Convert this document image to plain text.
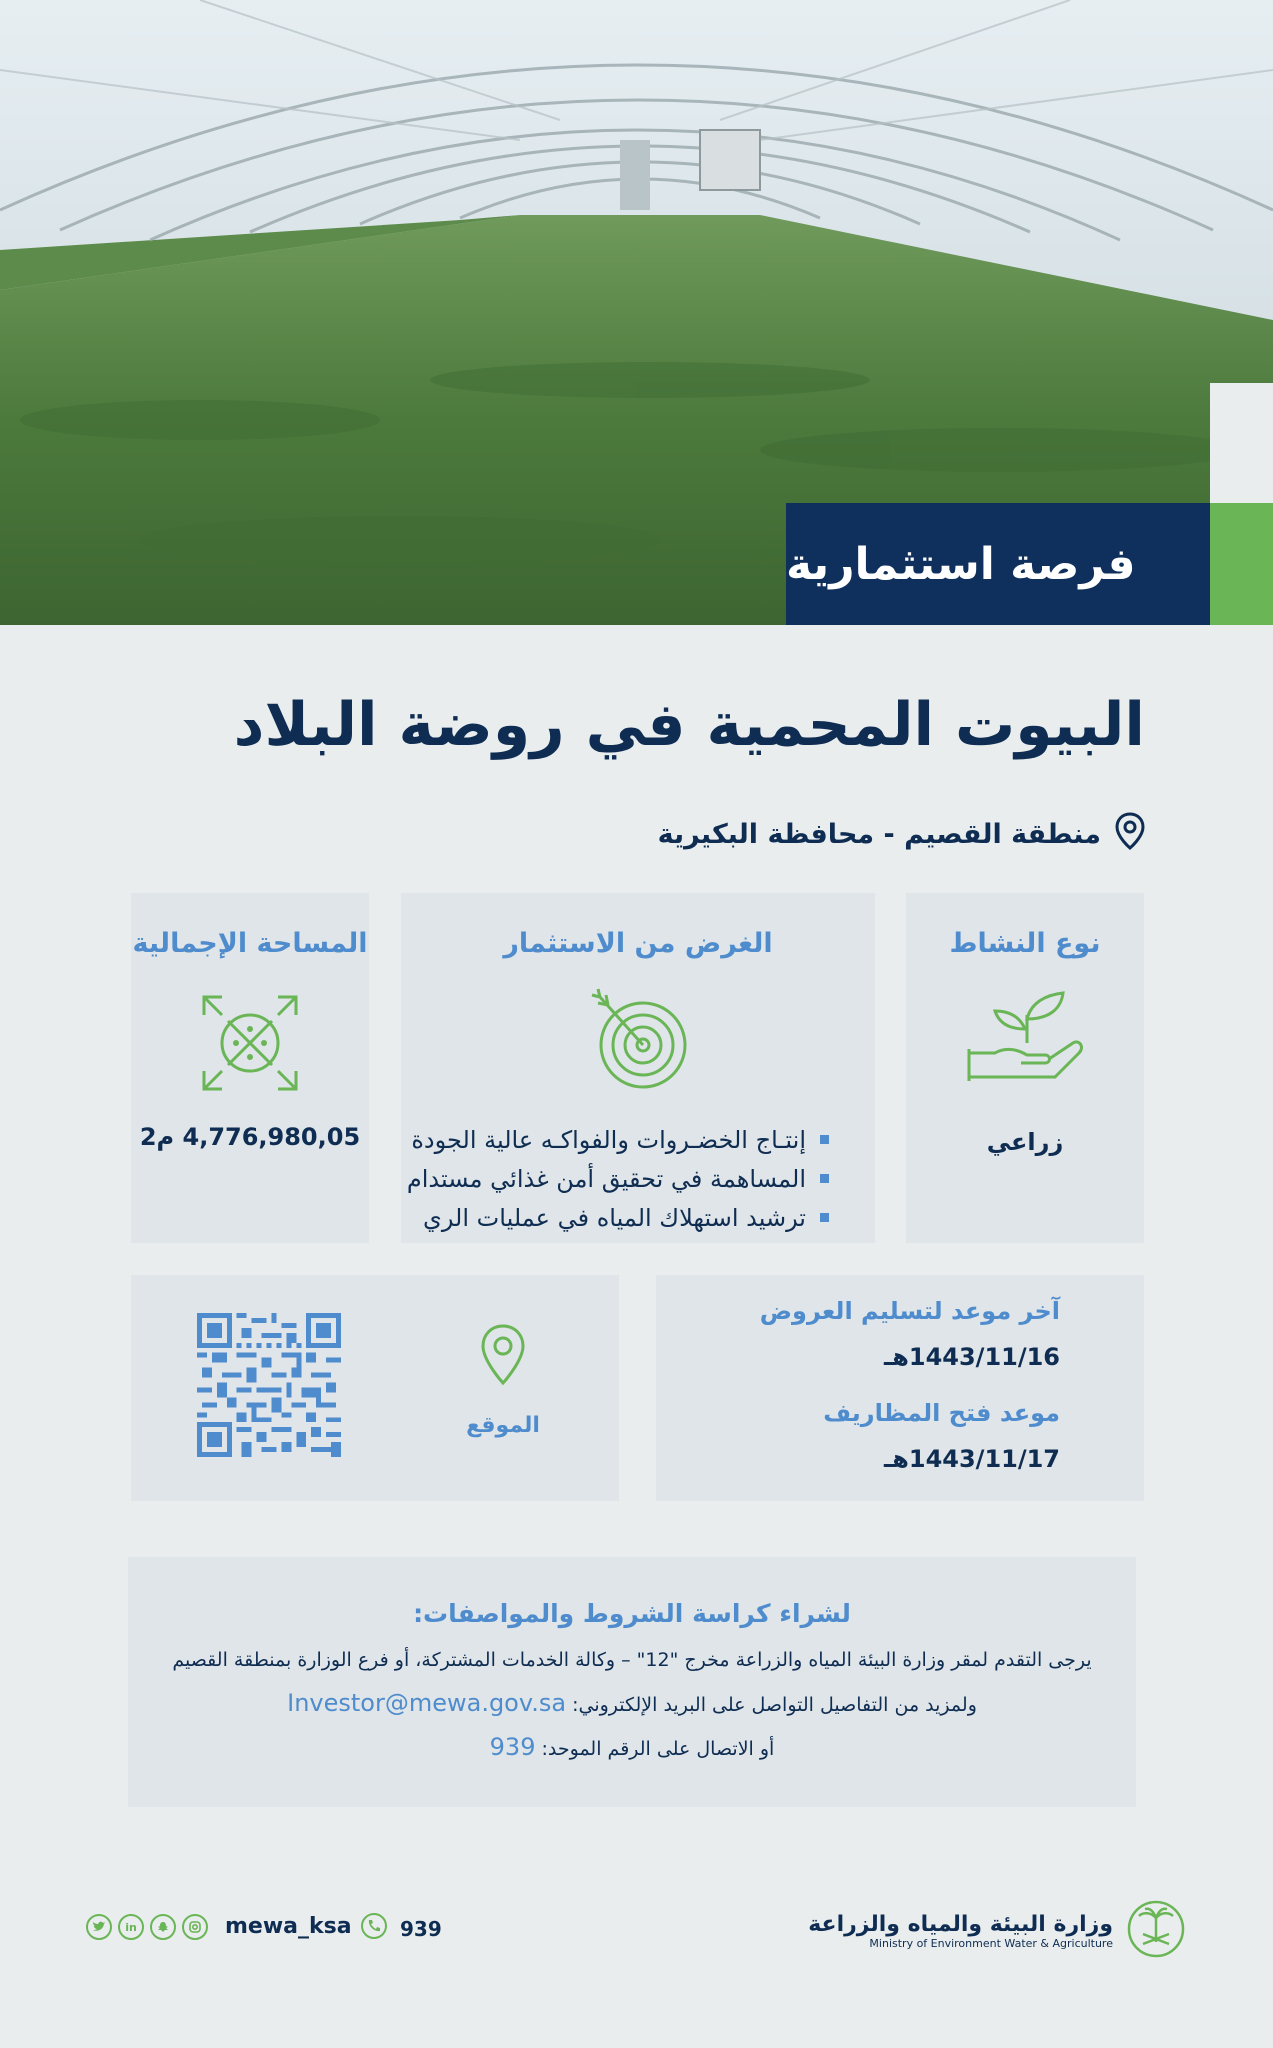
فرصة استثمارية
البيوت المحمية في روضة البلاد
منطقة القصيم - محافظة البكيرية
نوع النشاط
زراعي
الغرض من الاستثمار
إنتـاج الخضـروات والفواكـه عالية الجودة
المساهمة في تحقيق أمن غذائي مستدام
ترشيد استهلاك المياه في عمليات الري
المساحة الإجمالية
4,776,980,05 م2
آخر موعد لتسليم العروض
1443/11/16هـ
موعد فتح المظاريف
1443/11/17هـ
الموقع
لشراء كراسة الشروط والمواصفات:
يرجى التقدم لمقر وزارة البيئة المياه والزراعة مخرج "12" – وكالة الخدمات المشتركة، أو فرع الوزارة بمنطقة القصيم
ولمزيد من التفاصيل التواصل على البريد الإلكتروني: Investor@mewa.gov.sa
أو الاتصال على الرقم الموحد: 939
in	mewa_ksa 939	وزارة البيئة والمياه والزراعة
Ministry of Environment Water & Agriculture
